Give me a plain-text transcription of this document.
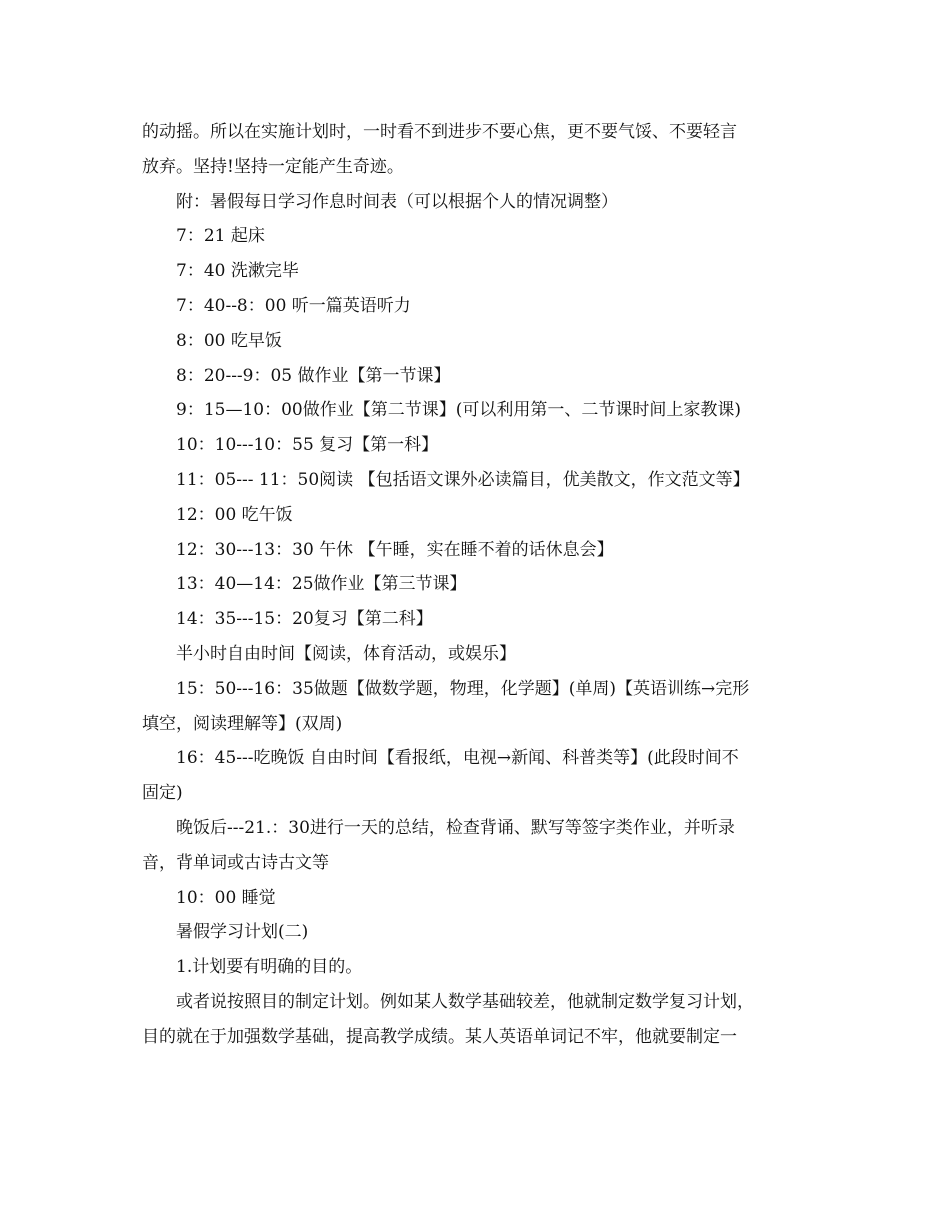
的动摇。所以在实施计划时，一时看不到进步不要心焦，更不要气馁、不要轻言
放弃。坚持!坚持一定能产生奇迹。
附：暑假每日学习作息时间表（可以根据个人的情况调整）
7：21 起床
7：40 洗漱完毕
7：40--8：00 听一篇英语听力
8：00 吃早饭
8：20---9：05 做作业【第一节课】
9：15—10：00做作业【第二节课】(可以利用第一、二节课时间上家教课)
10：10---10：55 复习【第一科】
11：05--- 11：50阅读 【包括语文课外必读篇目，优美散文，作文范文等】
12：00 吃午饭
12：30---13：30 午休 【午睡，实在睡不着的话休息会】
13：40—14：25做作业【第三节课】
14：35---15：20复习【第二科】
半小时自由时间【阅读，体育活动，或娱乐】
15：50---16：35做题【做数学题，物理，化学题】(单周)【英语训练→完形
填空，阅读理解等】(双周)
16：45---吃晚饭 自由时间【看报纸，电视→新闻、科普类等】(此段时间不
固定)
晚饭后---21.：30进行一天的总结，检查背诵、默写等签字类作业，并听录
音，背单词或古诗古文等
10：00 睡觉
暑假学习计划(二)
1.计划要有明确的目的。
或者说按照目的制定计划。例如某人数学基础较差，他就制定数学复习计划，
目的就在于加强数学基础，提高教学成绩。某人英语单词记不牢，他就要制定一
